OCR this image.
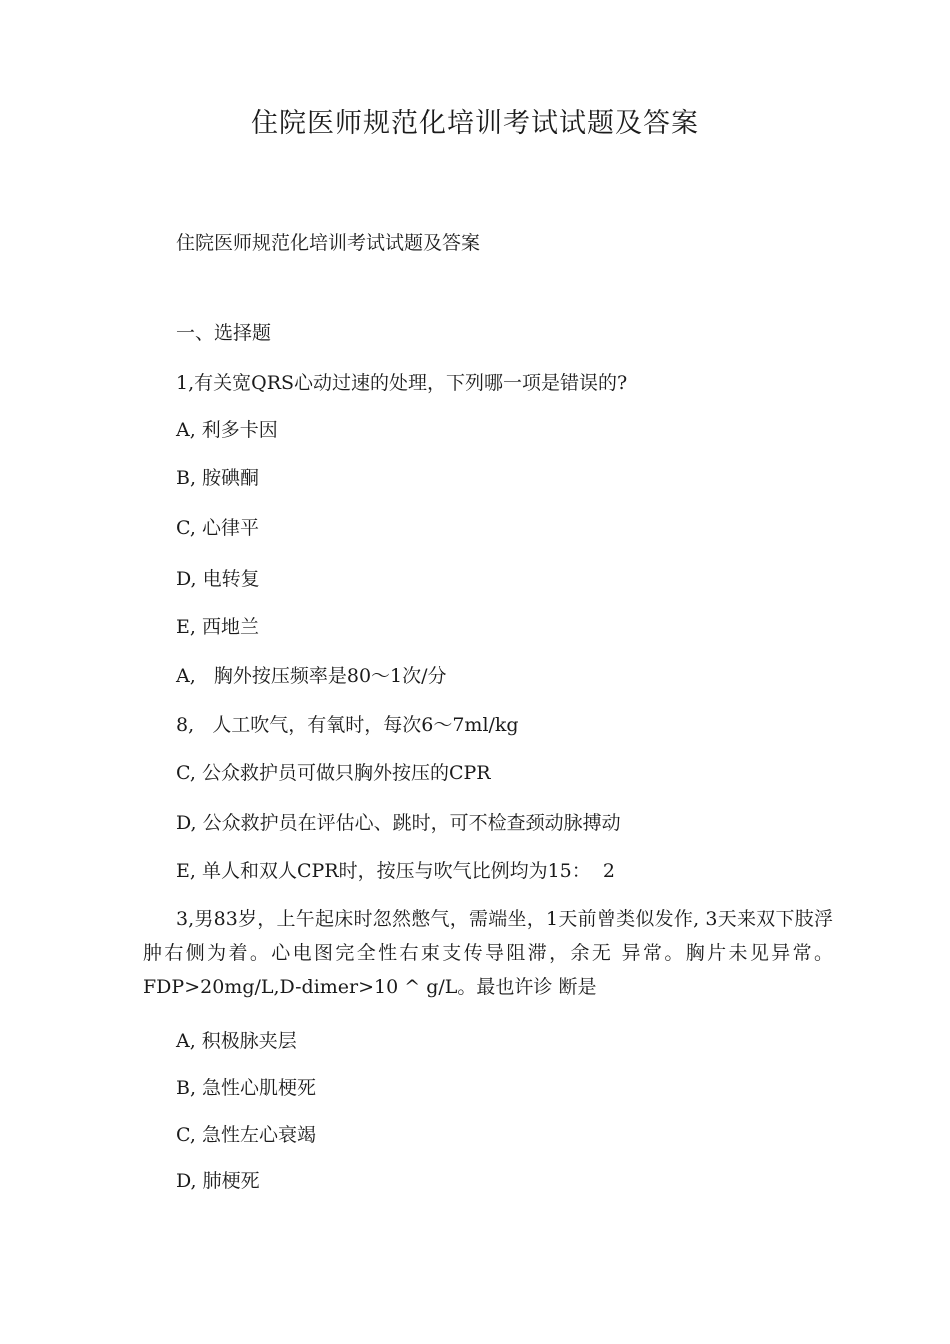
住院医师规范化培训考试试题及答案

住院医师规范化培训考试试题及答案

一、选择题

1,有关宽QRS心动过速的处理，下列哪一项是错误的?

A, 利多卡因

B, 胺碘酮

C, 心律平

D, 电转复

E, 西地兰

A,   胸外按压频率是80〜1次/分

8,   人工吹气，有氧时，每次6〜7ml/kg

C, 公众救护员可做只胸外按压的CPR

D, 公众救护员在评估心、跳时，可不检查颈动脉搏动

E, 单人和双人CPR时，按压与吹气比例均为15：  2

3,男83岁，上午起床时忽然憋气，需端坐，1天前曾类似发作, 3天来双下肢浮肿右侧为着。心电图完全性右束支传导阻滞，余无 异常。胸片未见异常。FDP>20mg/L,D-dimer>10 ^ g/L。最也许诊 断是

A, 积极脉夹层

B, 急性心肌梗死

C, 急性左心衰竭

D, 肺梗死
